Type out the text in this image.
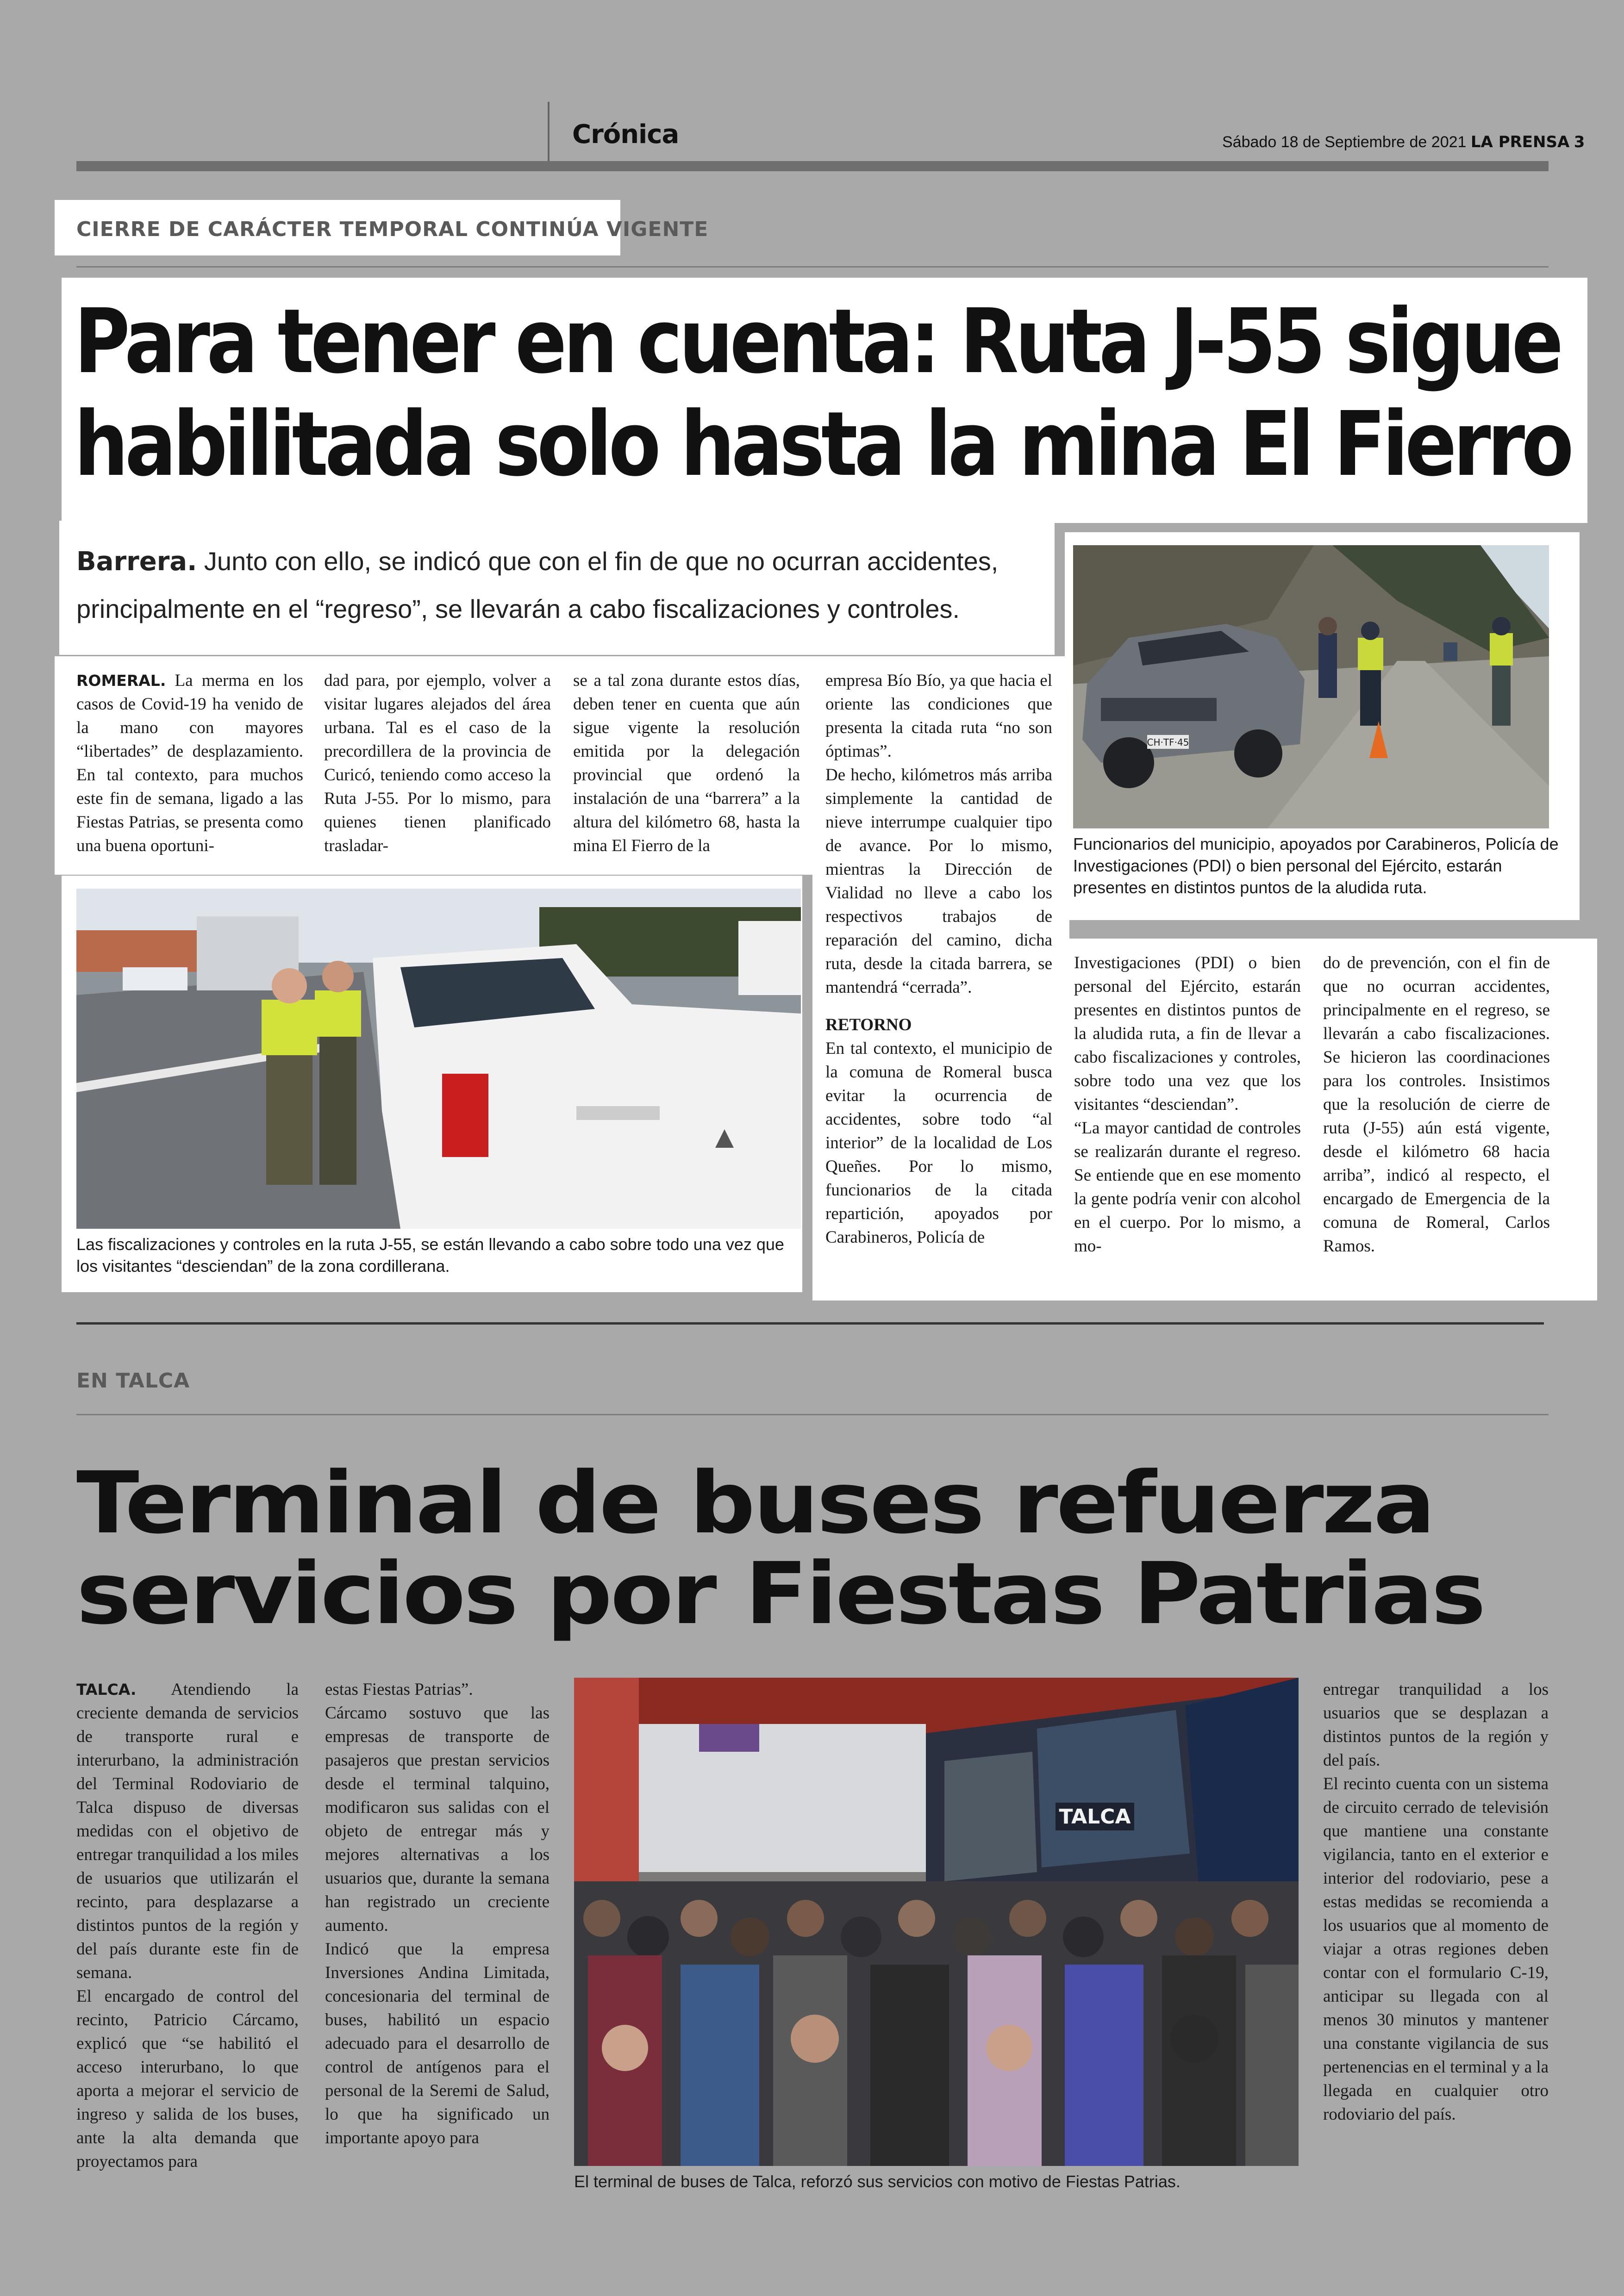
Crónica	Sábado 18 de Septiembre de 2021 LA PRENSA 3
CIERRE DE CARÁCTER TEMPORAL CONTINÚA VIGENTE
Para tener en cuenta: Ruta J-55 sigue
habilitada solo hasta la mina El Fierro
Barrera. Junto con ello, se indicó que con el fin de que no ocurran accidentes,
principalmente en el “regreso”, se llevarán a cabo fiscalizaciones y controles.
ROMERAL. La merma en los casos de Covid-19 ha venido de la mano con mayores “libertades” de desplazamiento. En tal contexto, para muchos este fin de semana, ligado a las Fiestas Patrias, se presenta como una buena oportuni-
dad para, por ejemplo, volver a visitar lugares alejados del área urbana. Tal es el caso de la precordillera de la provincia de Curicó, teniendo como acceso la Ruta J-55. Por lo mismo, para quienes tienen planificado trasladar-
se a tal zona durante estos días, deben tener en cuenta que aún sigue vigente la resolución emitida por la delegación provincial que ordenó la instalación de una “barrera” a la altura del kilómetro 68, hasta la mina El Fierro de la

empresa Bío Bío, ya que hacia el oriente las condiciones que presenta la citada ruta “no son óptimas”.

De hecho, kilómetros más arriba simplemente la cantidad de nieve interrumpe cualquier tipo de avance. Por lo mismo, mientras la Dirección de Vialidad no lleve a cabo los respectivos trabajos de reparación del camino, dicha ruta, desde la citada barrera, se mantendrá “cerrada”.

RETORNO

En tal contexto, el municipio de la comuna de Romeral busca evitar la ocurrencia de accidentes, sobre todo “al interior” de la localidad de Los Queñes. Por lo mismo, funcionarios de la citada repartición, apoyados por Carabineros, Policía de

Investigaciones (PDI) o bien personal del Ejército, estarán presentes en distintos puntos de la aludida ruta, a fin de llevar a cabo fiscalizaciones y controles, sobre todo una vez que los visitantes “desciendan”.

“La mayor cantidad de controles se realizarán durante el regreso. Se entiende que en ese momento la gente podría venir con alcohol en el cuerpo. Por lo mismo, a mo-

do de prevención, con el fin de que no ocurran accidentes, principalmente en el regreso, se llevarán a cabo fiscalizaciones. Se hicieron las coordinaciones para los controles. Insistimos que la resolución de cierre de ruta (J-55) aún está vigente, desde el kilómetro 68 hacia arriba”, indicó al respecto, el encargado de Emergencia de la comuna de Romeral, Carlos Ramos.
CH·TF·45
Funcionarios del municipio, apoyados por Carabineros, Policía de Investigaciones (PDI) o bien personal del Ejército, estarán presentes en distintos puntos de la aludida ruta.
Las fiscalizaciones y controles en la ruta J-55, se están llevando a cabo sobre todo una vez que los visitantes “desciendan” de la zona cordillerana.
EN TALCA
Terminal de buses refuerza
servicios por Fiestas Patrias

TALCA. Atendiendo la creciente demanda de servicios de transporte rural e interurbano, la administración del Terminal Rodoviario de Talca dispuso de diversas medidas con el objetivo de entregar tranquilidad a los miles de usuarios que utilizarán el recinto, para desplazarse a distintos puntos de la región y del país durante este fin de semana.

El encargado de control del recinto, Patricio Cárcamo, explicó que “se habilitó el acceso interurbano, lo que aporta a mejorar el servicio de ingreso y salida de los buses, ante la alta demanda que proyectamos para

estas Fiestas Patrias”.

Cárcamo sostuvo que las empresas de transporte de pasajeros que prestan servicios desde el terminal talquino, modificaron sus salidas con el objeto de entregar más y mejores alternativas a los usuarios que, durante la semana han registrado un creciente aumento.

Indicó que la empresa Inversiones Andina Limitada, concesionaria del terminal de buses, habilitó un espacio adecuado para el desarrollo de control de antígenos para el personal de la Seremi de Salud, lo que ha significado un importante apoyo para

TALCA
El terminal de buses de Talca, reforzó sus servicios con motivo de Fiestas Patrias.

entregar tranquilidad a los usuarios que se desplazan a distintos puntos de la región y del país.

El recinto cuenta con un sistema de circuito cerrado de televisión que mantiene una constante vigilancia, tanto en el exterior e interior del rodoviario, pese a estas medidas se recomienda a los usuarios que al momento de viajar a otras regiones deben contar con el formulario C-19, anticipar su llegada con al menos 30 minutos y mantener una constante vigilancia de sus pertenencias en el terminal y a la llegada en cualquier otro rodoviario del país.
